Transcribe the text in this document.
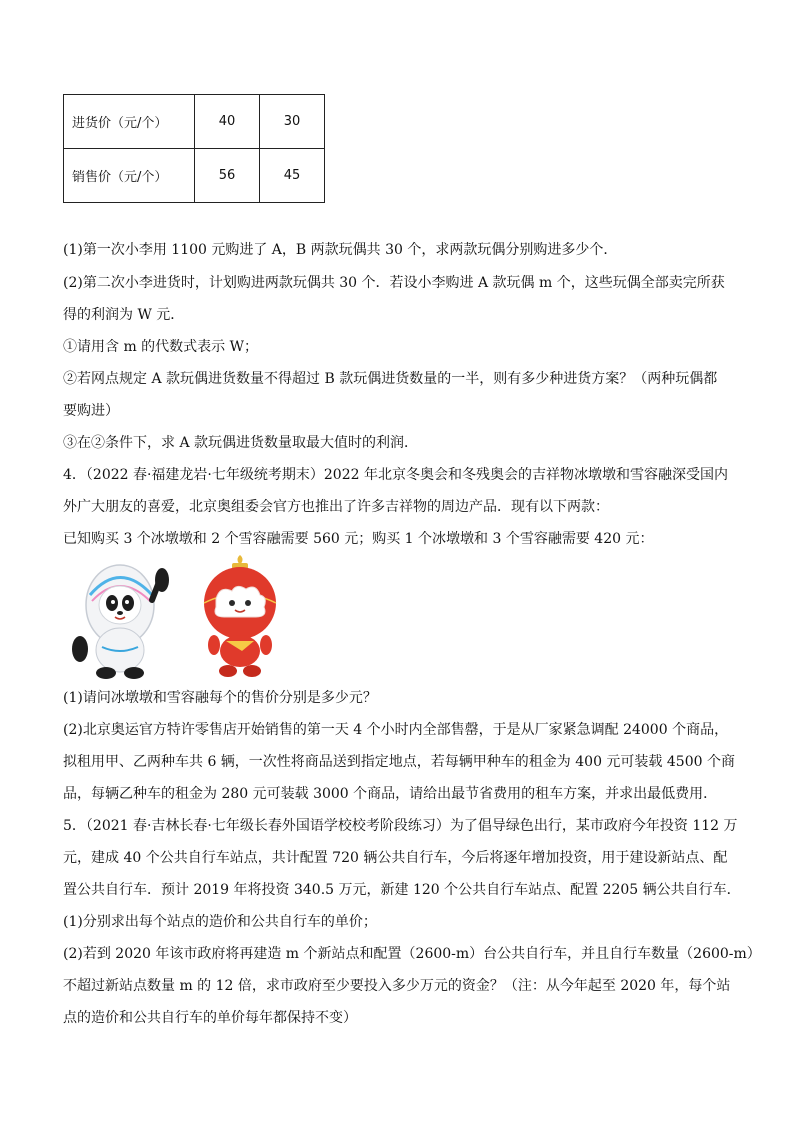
进货价（元/个）	40	30
销售价（元/个）	56	45
(1)第一次小李用 1100 元购进了 A，B 两款玩偶共 30 个，求两款玩偶分别购进多少个．
(2)第二次小李进货时，计划购进两款玩偶共 30 个．若设小李购进 A 款玩偶 m 个，这些玩偶全部卖完所获
得的利润为 W 元．
①请用含 m 的代数式表示 W；
②若网点规定 A 款玩偶进货数量不得超过 B 款玩偶进货数量的一半，则有多少种进货方案？（两种玩偶都
要购进）
③在②条件下，求 A 款玩偶进货数量取最大值时的利润．
4．（2022 春·福建龙岩·七年级统考期末）2022 年北京冬奥会和冬残奥会的吉祥物冰墩墩和雪容融深受国内
外广大朋友的喜爱，北京奥组委会官方也推出了许多吉祥物的周边产品．现有以下两款：
已知购买 3 个冰墩墩和 2 个雪容融需要 560 元；购买 1 个冰墩墩和 3 个雪容融需要 420 元：
(1)请问冰墩墩和雪容融每个的售价分别是多少元？
(2)北京奥运官方特许零售店开始销售的第一天 4 个小时内全部售罄，于是从厂家紧急调配 24000 个商品，
拟租用甲、乙两种车共 6 辆，一次性将商品送到指定地点，若每辆甲种车的租金为 400 元可装载 4500 个商
品，每辆乙种车的租金为 280 元可装载 3000 个商品，请给出最节省费用的租车方案，并求出最低费用．
5．（2021 春·吉林长春·七年级长春外国语学校校考阶段练习）为了倡导绿色出行，某市政府今年投资 112 万
元，建成 40 个公共自行车站点，共计配置 720 辆公共自行车，今后将逐年增加投资，用于建设新站点、配
置公共自行车．预计 2019 年将投资 340.5 万元，新建 120 个公共自行车站点、配置 2205 辆公共自行车．
(1)分别求出每个站点的造价和公共自行车的单价；
(2)若到 2020 年该市政府将再建造 m 个新站点和配置（2600-m）台公共自行车，并且自行车数量（2600-m）
不超过新站点数量 m 的 12 倍，求市政府至少要投入多少万元的资金？（注：从今年起至 2020 年，每个站
点的造价和公共自行车的单价每年都保持不变）
